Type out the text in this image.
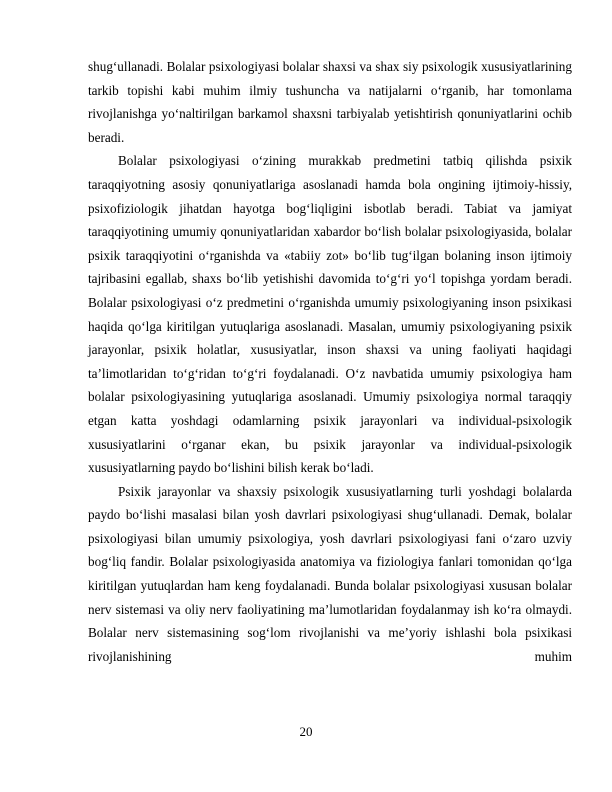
shug‘ullanadi. Bolalar psixologiyasi bolalar shaxsi va shax siy psixologik xususiyatlarining tarkib topishi kabi muhim ilmiy tushuncha va natijalarni o‘rganib, har tomonlama rivojlanishga yo‘naltirilgan barkamol shaxsni tarbiyalab yetishtirish qonuniyatlarini ochib beradi.

Bolalar psixologiyasi o‘zining murakkab predmetini tatbiq qilishda psixik taraqqiyotning asosiy qonuniyatlariga asoslanadi hamda bola ongining ijtimoiy-hissiy, psixofiziologik jihatdan hayotga bog‘liqligini isbotlab beradi. Tabiat va jamiyat taraqqiyotining umumiy qonuniyatlaridan xabardor bo‘lish bolalar psixologiyasida, bolalar psixik taraqqiyotini o‘rganishda va «tabiiy zot» bo‘lib tug‘ilgan bolaning inson ijtimoiy tajribasini egallab, shaxs bo‘lib yetishishi davomida to‘g‘ri yo‘l topishga yordam beradi. Bolalar psixologiyasi o‘z predmetini o‘rganishda umumiy psixologiyaning inson psixikasi haqida qo‘lga kiritilgan yutuqlariga asoslanadi. Masalan, umumiy psixologiyaning psixik jarayonlar, psixik holatlar, xususiyatlar, inson shaxsi va uning faoliyati haqidagi ta’limotlaridan to‘g‘ridan to‘g‘ri foydalanadi. O‘z navbatida umumiy psixologiya ham bolalar psixologiyasining yutuqlariga asoslanadi. Umumiy psixologiya normal taraqqiy etgan katta yoshdagi odamlarning psixik jarayonlari va individual-psixologik xususiyatlarini o‘rganar ekan, bu psixik jarayonlar va individual-psixologik xususiyatlarning paydo bo‘lishini bilish kerak bo‘ladi.

Psixik jarayonlar va shaxsiy psixologik xususiyatlarning turli yoshdagi bolalarda paydo bo‘lishi masalasi bilan yosh davrlari psixologiyasi shug‘ullanadi. Demak, bolalar psixologiyasi bilan umumiy psixologiya, yosh davrlari psixologiyasi fani o‘zaro uzviy bog‘liq fandir. Bolalar psixologiyasida anatomiya va fiziologiya fanlari tomonidan qo‘lga kiritilgan yutuqlardan ham keng foydalanadi. Bunda bolalar psixologiyasi xususan bolalar nerv sistemasi va oliy nerv faoliyatining ma’lumotlaridan foydalanmay ish ko‘ra olmaydi. Bolalar nerv sistemasining sog‘lom rivojlanishi va me’yoriy ishlashi bola psixikasi rivojlanishining muhim

20
